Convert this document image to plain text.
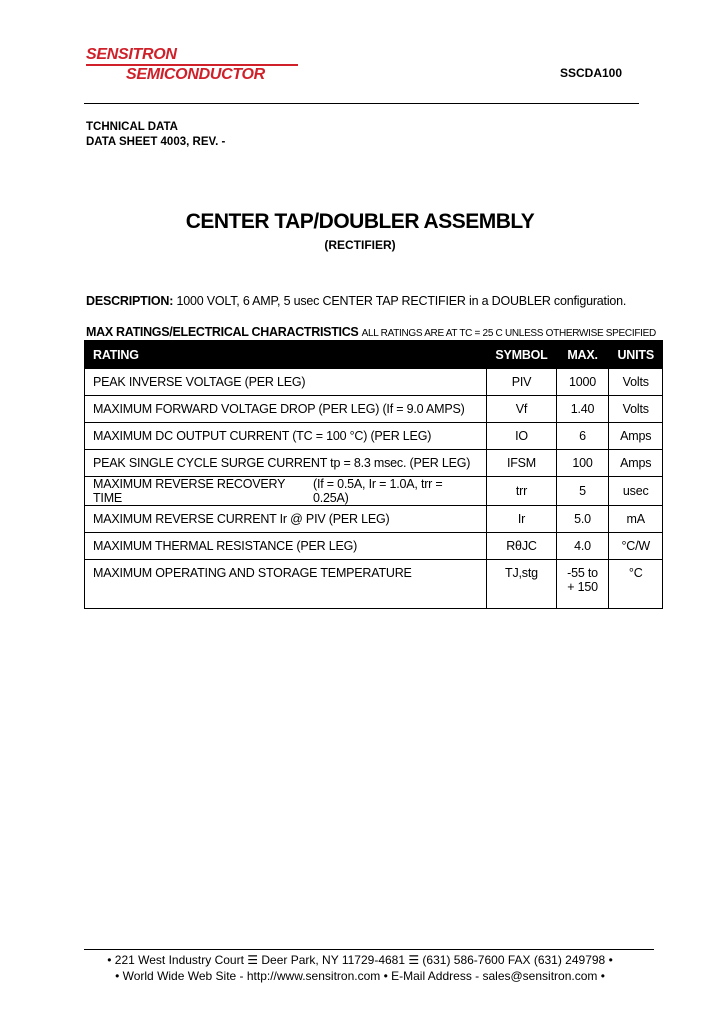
SENSITRON
SEMICONDUCTOR	SSCDA100
TCHNICAL DATA
DATA SHEET 4003, REV. -
CENTER TAP/DOUBLER ASSEMBLY
(RECTIFIER)
DESCRIPTION: 1000 VOLT, 6 AMP, 5 usec CENTER TAP RECTIFIER in a DOUBLER configuration.
MAX RATINGS/ELECTRICAL CHARACTRISTICS ALL RATINGS ARE AT TC = 25 C UNLESS OTHERWISE SPECIFIED
RATING	SYMBOL	MAX.	UNITS
PEAK INVERSE VOLTAGE (PER LEG)	PIV	1000	Volts
MAXIMUM FORWARD VOLTAGE DROP (PER LEG) (If = 9.0 AMPS)	Vf	1.40	Volts
MAXIMUM DC OUTPUT CURRENT (TC = 100 °C) (PER LEG)	IO	6	Amps
PEAK SINGLE CYCLE SURGE CURRENT tp = 8.3 msec. (PER LEG)	IFSM	100	Amps

MAXIMUM REVERSE RECOVERY TIME
(If = 0.5A, Ir = 1.0A, trr = 0.25A)	trr	5	usec
MAXIMUM REVERSE CURRENT Ir @ PIV (PER LEG)	Ir	5.0	mA
MAXIMUM THERMAL RESISTANCE (PER LEG)	RθJC	4.0	°C/W
MAXIMUM OPERATING AND STORAGE TEMPERATURE	TJ,stg	-55 to + 150	°C
• 221 West Industry Court ☰ Deer Park, NY 11729-4681 ☰ (631) 586-7600 FAX (631) 249798 •
• World Wide Web Site - http://www.sensitron.com • E-Mail Address - sales@sensitron.com •
